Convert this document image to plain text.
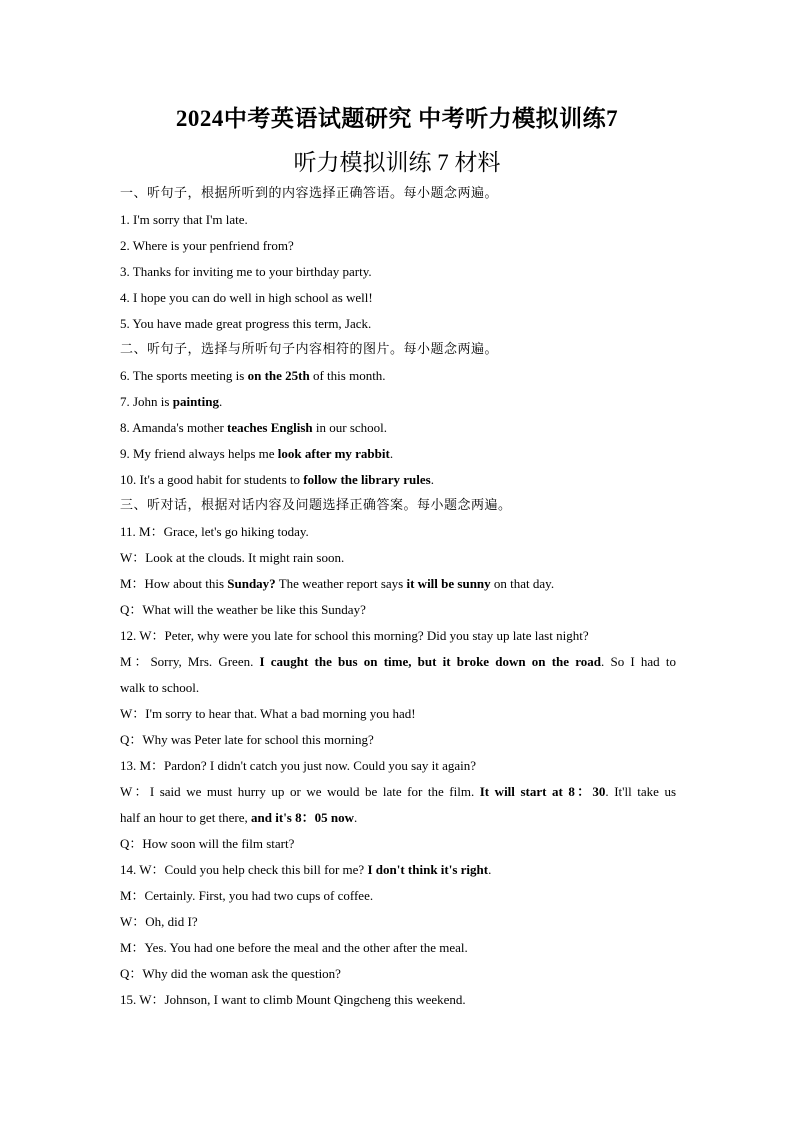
2024中考英语试题研究 中考听力模拟训练7
听力模拟训练 7 材料
一、听句子，根据所听到的内容选择正确答语。每小题念两遍。
1. I'm sorry that I'm late.
2. Where is your penfriend from?
3. Thanks for inviting me to your birthday party.
4. I hope you can do well in high school as well!
5. You have made great progress this term, Jack.
二、听句子，选择与所听句子内容相符的图片。每小题念两遍。
6. The sports meeting is on the 25th of this month.
7. John is painting.
8. Amanda's mother teaches English in our school.
9. My friend always helps me look after my rabbit.
10. It's a good habit for students to follow the library rules.
三、听对话，根据对话内容及问题选择正确答案。每小题念两遍。
11. M：Grace, let's go hiking today.
W：Look at the clouds. It might rain soon.
M：How about this Sunday? The weather report says it will be sunny on that day.
Q：What will the weather be like this Sunday?
12. W：Peter, why were you late for school this morning? Did you stay up late last night?
M：Sorry, Mrs. Green. I caught the bus on time, but it broke down on the road. So I had to
walk to school.
W：I'm sorry to hear that. What a bad morning you had!
Q：Why was Peter late for school this morning?
13. M：Pardon? I didn't catch you just now. Could you say it again?
W：I said we must hurry up or we would be late for the film. It will start at 8：30. It'll take us
half an hour to get there, and it's 8：05 now.
Q：How soon will the film start?
14. W：Could you help check this bill for me? I don't think it's right.
M：Certainly. First, you had two cups of coffee.
W：Oh, did I?
M：Yes. You had one before the meal and the other after the meal.
Q：Why did the woman ask the question?
15. W：Johnson, I want to climb Mount Qingcheng this weekend.
